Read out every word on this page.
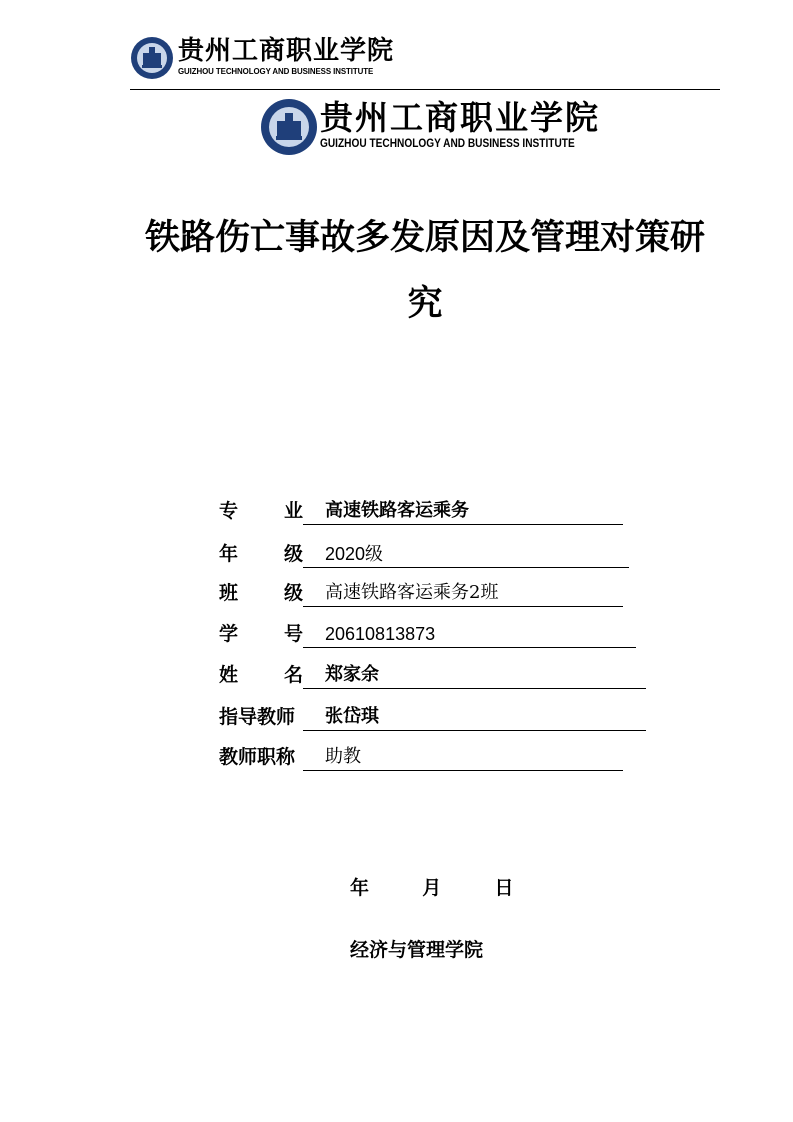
贵州工商职业学院
GUIZHOU TECHNOLOGY AND BUSINESS INSTITUTE
贵州工商职业学院
GUIZHOU TECHNOLOGY AND BUSINESS INSTITUTE
铁路伤亡事故多发原因及管理对策研
究
专 业	高速铁路客运乘务
年 级	2020级
班 级	高速铁路客运乘务2班
学 号	20610813873
姓 名	郑家余
指导教师	张岱琪
教师职称	助教
年	月	日
经济与管理学院
